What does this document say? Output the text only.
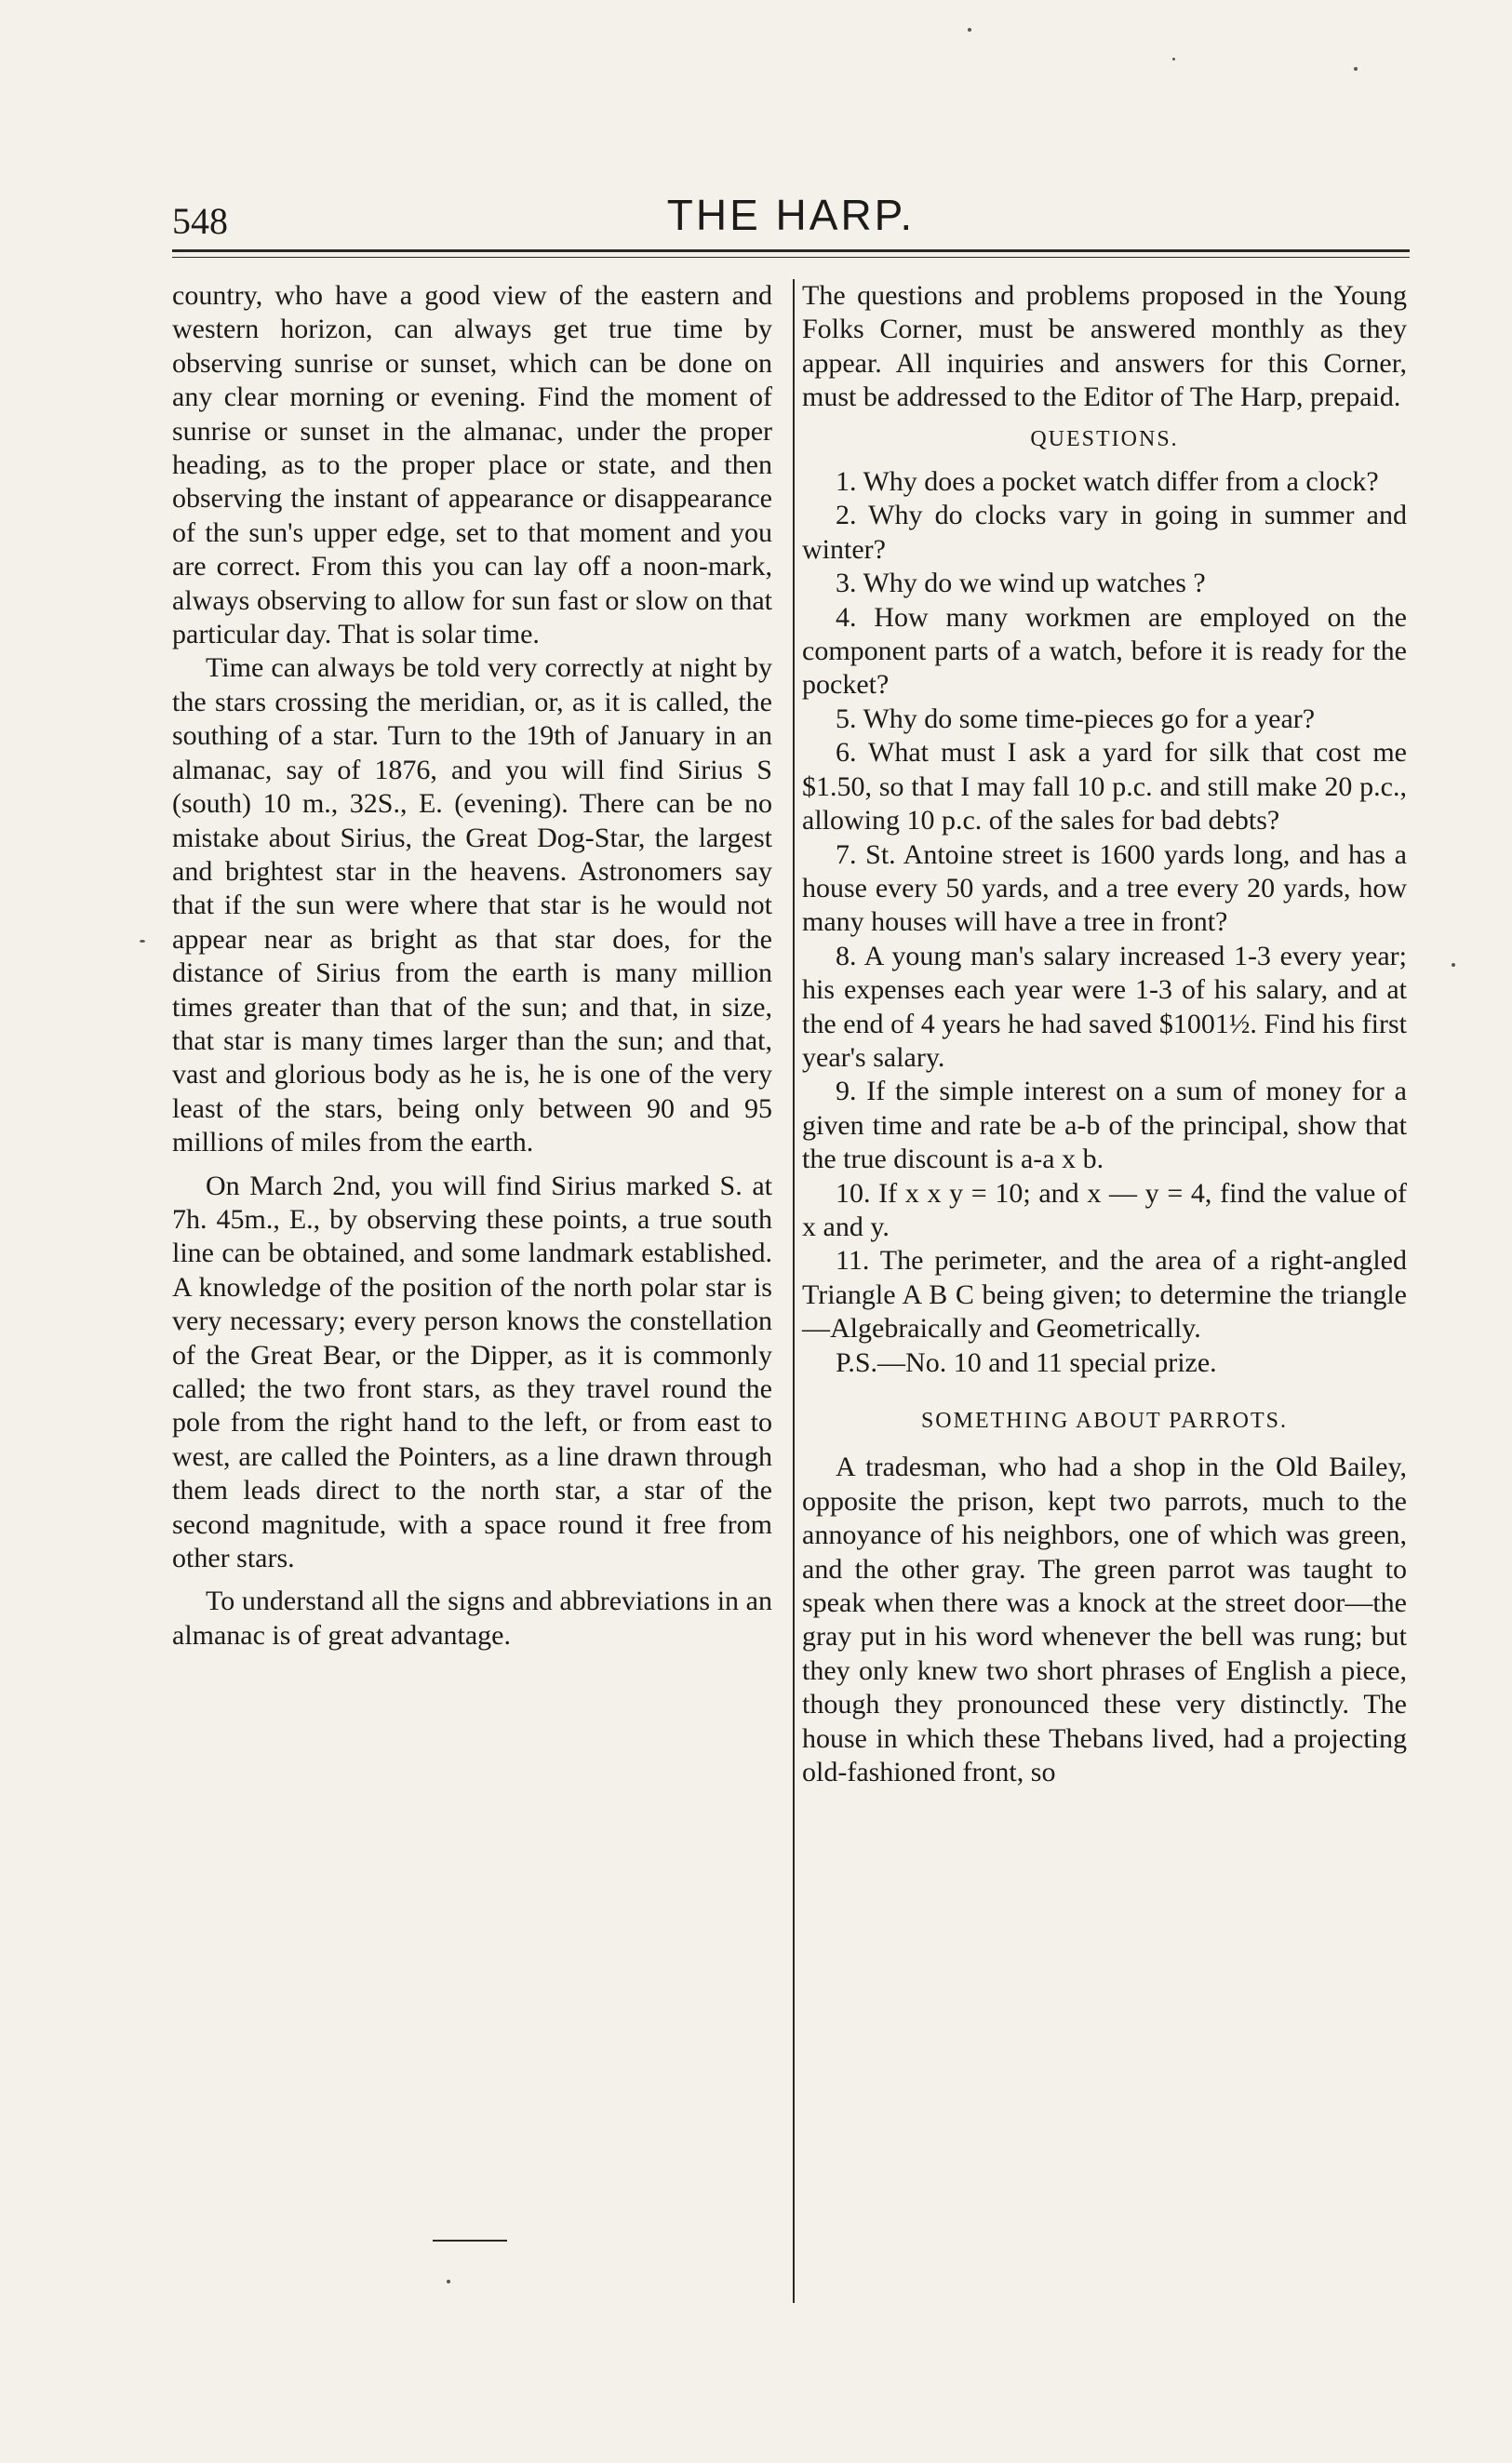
548	THE HARP.

country, who have a good view of the eastern and western horizon, can always get true time by observing sunrise or sunset, which can be done on any clear morning or evening. Find the moment of sunrise or sunset in the almanac, under the proper heading, as to the proper place or state, and then observing the instant of appearance or disappearance of the sun's upper edge, set to that moment and you are correct. From this you can lay off a noon-mark, always observing to allow for sun fast or slow on that particular day. That is solar time.

Time can always be told very correctly at night by the stars crossing the meridian, or, as it is called, the southing of a star. Turn to the 19th of January in an almanac, say of 1876, and you will find Sirius S (south) 10 m., 32S., E. (evening). There can be no mistake about Sirius, the Great Dog-Star, the largest and brightest star in the heavens. Astronomers say that if the sun were where that star is he would not appear near as bright as that star does, for the distance of Sirius from the earth is many million times greater than that of the sun; and that, in size, that star is many times larger than the sun; and that, vast and glorious body as he is, he is one of the very least of the stars, being only between 90 and 95 millions of miles from the earth.

On March 2nd, you will find Sirius marked S. at 7h. 45m., E., by observing these points, a true south line can be obtained, and some landmark established. A knowledge of the position of the north polar star is very necessary; every person knows the constellation of the Great Bear, or the Dipper, as it is commonly called; the two front stars, as they travel round the pole from the right hand to the left, or from east to west, are called the Pointers, as a line drawn through them leads direct to the north star, a star of the second magnitude, with a space round it free from other stars.

To understand all the signs and abbreviations in an almanac is of great advantage.

The questions and problems proposed in the Young Folks Corner, must be answered monthly as they appear. All inquiries and answers for this Corner, must be addressed to the Editor of The Harp, prepaid.

QUESTIONS.

1. Why does a pocket watch differ from a clock?

2. Why do clocks vary in going in summer and winter?

3. Why do we wind up watches ?

4. How many workmen are employed on the component parts of a watch, before it is ready for the pocket?

5. Why do some time-pieces go for a year?

6. What must I ask a yard for silk that cost me $1.50, so that I may fall 10 p.c. and still make 20 p.c., allowing 10 p.c. of the sales for bad debts?

7. St. Antoine street is 1600 yards long, and has a house every 50 yards, and a tree every 20 yards, how many houses will have a tree in front?

8. A young man's salary increased 1-3 every year; his expenses each year were 1-3 of his salary, and at the end of 4 years he had saved $1001½. Find his first year's salary.

9. If the simple interest on a sum of money for a given time and rate be a-b of the principal, show that the true discount is a-a x b.

10. If x x y = 10; and x — y = 4, find the value of x and y.

11. The perimeter, and the area of a right-angled Triangle A B C being given; to determine the triangle—Algebraically and Geometrically.

P.S.—No. 10 and 11 special prize.

SOMETHING ABOUT PARROTS.

A tradesman, who had a shop in the Old Bailey, opposite the prison, kept two parrots, much to the annoyance of his neighbors, one of which was green, and the other gray. The green parrot was taught to speak when there was a knock at the street door—the gray put in his word whenever the bell was rung; but they only knew two short phrases of English a piece, though they pronounced these very distinctly. The house in which these Thebans lived, had a projecting old-fashioned front, so
